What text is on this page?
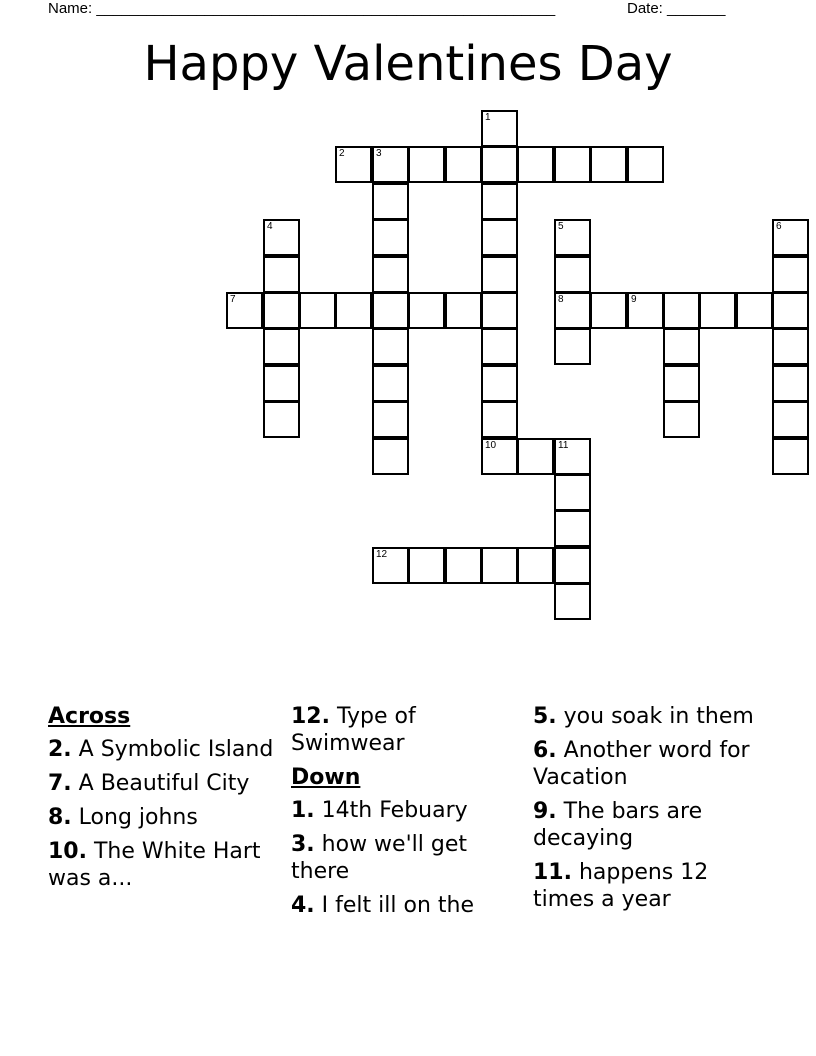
Name: _______________________________________________________	Date: _______
Happy Valentines Day
1
2	3
10
4	5
8
6
7	9
11
12
Across
2. A Symbolic Island
7. A Beautiful City
8. Long johns
10. The White Hart was a...
12. Type of Swimwear
Down
1. 14th Febuary
3. how we'll get there
4. I felt ill on the
5. you soak in them
6. Another word for Vacation
9. The bars are decaying
11. happens 12 times a year
